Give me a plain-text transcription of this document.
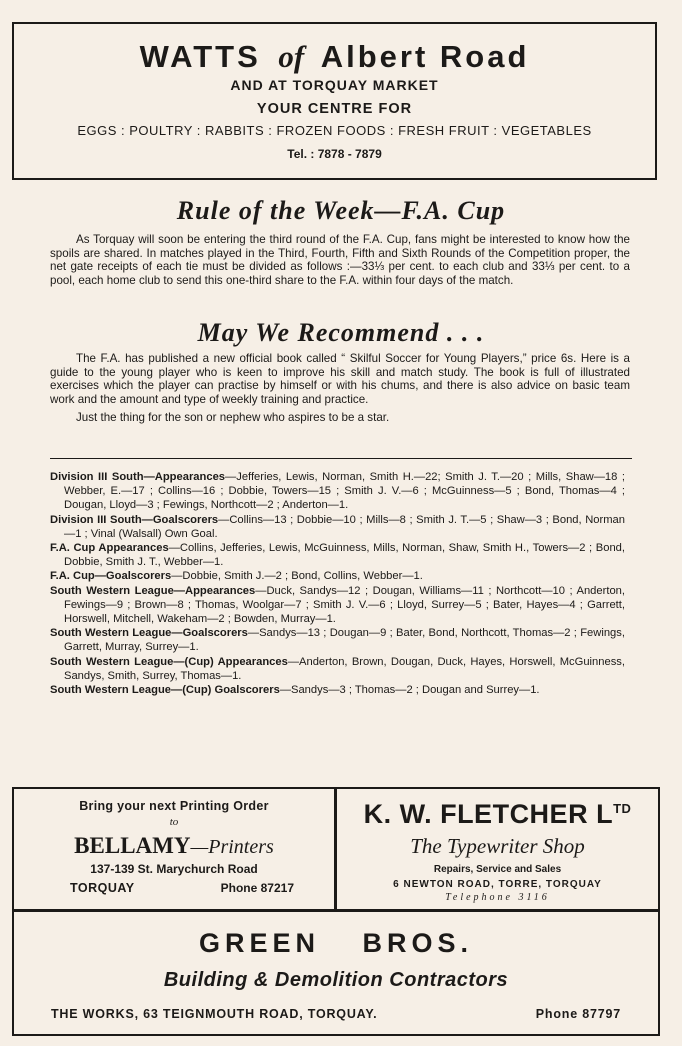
WATTS of Albert Road
AND AT TORQUAY MARKET
YOUR CENTRE FOR
EGGS : POULTRY : RABBITS : FROZEN FOODS : FRESH FRUIT : VEGETABLES
Tel. : 7878 - 7879
Rule of the Week—F.A. Cup

As Torquay will soon be entering the third round of the F.A. Cup, fans might be interested to know how the spoils are shared. In matches played in the Third, Fourth, Fifth and Sixth Rounds of the Competition proper, the net gate receipts of each tie must be divided as follows :—33⅓ per cent. to each club and 33⅓ per cent. to a pool, each home club to send this one-third share to the F.A. within four days of the match.

May We Recommend . . .

The F.A. has published a new official book called “ Skilful Soccer for Young Players,” price 6s. Here is a guide to the young player who is keen to improve his skill and match study. The book is full of illustrated exercises which the player can practise by himself or with his chums, and there is also advice on basic team work and the amount and type of weekly training and practice.

Just the thing for the son or nephew who aspires to be a star.

Division III South—Appearances—Jefferies, Lewis, Norman, Smith H.—22; Smith J. T.—20 ; Mills, Shaw—18 ; Webber, E.—17 ; Collins—16 ; Dobbie, Towers—15 ; Smith J. V.—6 ; McGuinness—5 ; Bond, Thomas—4 ; Dougan, Lloyd—3 ; Fewings, Northcott—2 ; Anderton—1.
Division III South—Goalscorers—Collins—13 ; Dobbie—10 ; Mills—8 ; Smith J. T.—5 ; Shaw—3 ; Bond, Norman—1 ; Vinal (Walsall) Own Goal.
F.A. Cup Appearances—Collins, Jefferies, Lewis, McGuinness, Mills, Norman, Shaw, Smith H., Towers—2 ; Bond, Dobbie, Smith J. T., Webber—1.
F.A. Cup—Goalscorers—Dobbie, Smith J.—2 ; Bond, Collins, Webber—1.
South Western League—Appearances—Duck, Sandys—12 ; Dougan, Williams—11 ; Northcott—10 ; Anderton, Fewings—9 ; Brown—8 ; Thomas, Woolgar—7 ; Smith J. V.—6 ; Lloyd, Surrey—5 ; Bater, Hayes—4 ; Garrett, Horswell, Mitchell, Wakeham—2 ; Bowden, Murray—1.
South Western League—Goalscorers—Sandys—13 ; Dougan—9 ; Bater, Bond, Northcott, Thomas—2 ; Fewings, Garrett, Murray, Surrey—1.
South Western League—(Cup) Appearances—Anderton, Brown, Dougan, Duck, Hayes, Horswell, McGuinness, Sandys, Smith, Surrey, Thomas—1.
South Western League—(Cup) Goalscorers—Sandys—3 ; Thomas—2 ; Dougan and Surrey—1.
Bring your next Printing Order
to
BELLAMY—Printers
137-139 St. Marychurch Road
TORQUAY	Phone 87217
K. W. FLETCHER $L^{TD}$
The Typewriter Shop
Repairs, Service and Sales
6 NEWTON ROAD, TORRE, TORQUAY
Telephone 3116
GREEN BROS.
Building & Demolition Contractors
THE WORKS, 63 TEIGNMOUTH ROAD, TORQUAY.	Phone 87797
